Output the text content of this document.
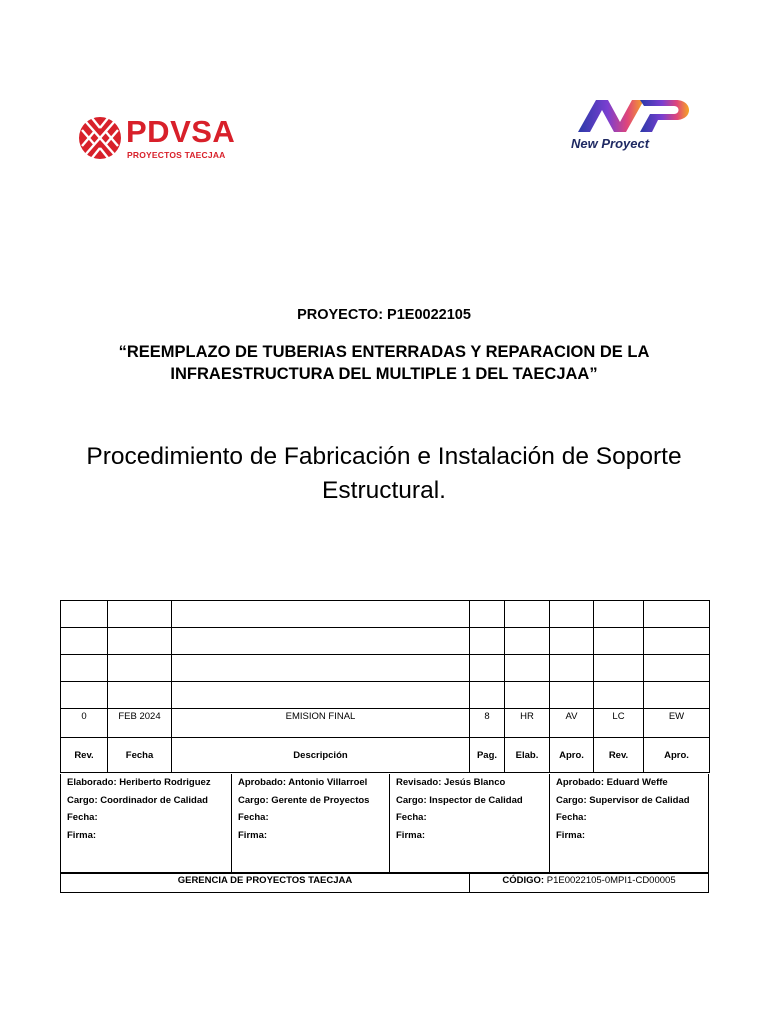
PDVSA
PROYECTOS TAECJAA
New Proyect
PROYECTO: P1E0022105
“REEMPLAZO DE TUBERIAS ENTERRADAS Y REPARACION DE LA INFRAESTRUCTURA DEL MULTIPLE 1 DEL TAECJAA”
Procedimiento de Fabricación e Instalación de Soporte Estructural.

0	FEB 2024	EMISION FINAL	8	HR	AV	LC	EW
Rev.	Fecha	Descripción	Pag.	Elab.	Apro.	Rev.	Apro.
Elaborado: Heriberto Rodriguez
Cargo: Coordinador de Calidad
Fecha:
Firma:
Aprobado: Antonio Villarroel
Cargo: Gerente de Proyectos
Fecha:
Firma:
Revisado: Jesús Blanco
Cargo: Inspector de Calidad
Fecha:
Firma:
Aprobado: Eduard Weffe
Cargo: Supervisor de Calidad
Fecha:
Firma:
GERENCIA DE PROYECTOS TAECJAA	CÓDIGO: P1E0022105-0MPI1-CD00005
